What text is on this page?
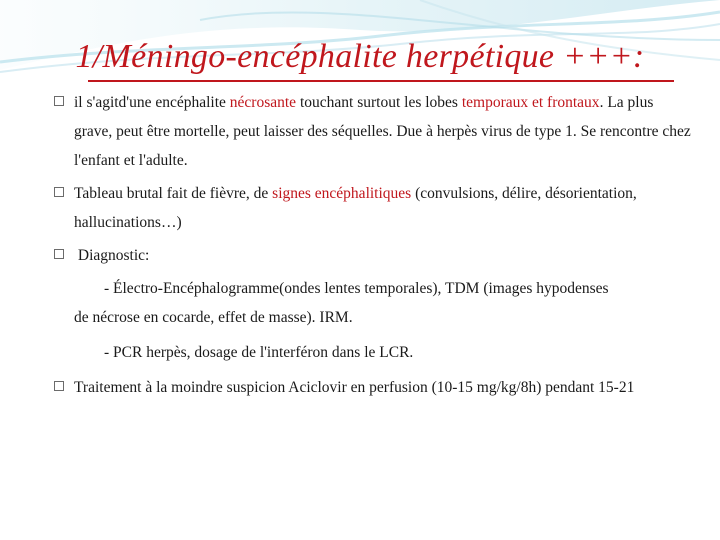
1/Méningo-encéphalite herpétique +++:

il s'agitd'une encéphalite nécrosante touchant surtout les lobes temporaux et frontaux. La plus grave, peut être mortelle, peut laisser des séquelles. Due à herpès virus de type 1. Se rencontre chez l'enfant et l'adulte.

Tableau brutal fait de fièvre, de signes encéphalitiques (convulsions, délire, désorientation, hallucinations…)

Diagnostic:

- Électro-Encéphalogramme(ondes lentes temporales), TDM (images hypodenses

de nécrose en cocarde, effet de masse). IRM.

- PCR herpès, dosage de l'interféron dans le LCR.

Traitement à la moindre suspicion Aciclovir en perfusion (10-15 mg/kg/8h) pendant 15-21
